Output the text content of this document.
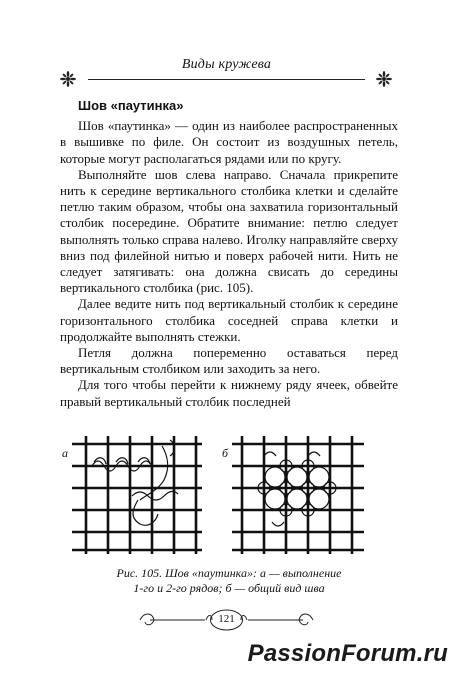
Виды кружева
Шов «паутинка»

Шов «паутинка» — один из наиболее распространенных в вышивке по филе. Он состоит из воздушных петель, которые могут располагаться рядами или по кругу.

Выполняйте шов слева направо. Сначала прикрепите нить к середине вертикального столбика клетки и сделайте петлю таким образом, чтобы она захватила горизонтальный столбик посередине. Обратите внимание: петлю следует выполнять только справа налево. Иголку направляйте сверху вниз под филейной нитью и поверх рабочей нити. Нить не следует затягивать: она должна свисать до середины вертикального столбика (рис. 105).

Далее ведите нить под вертикальный столбик к середине горизонтального столбика соседней справа клетки и продолжайте выполнять стежки.

Петля должна попеременно оставаться перед вертикальным столбиком или заходить за него.

Для того чтобы перейти к нижнему ряду ячеек, обвейте правый вертикальный столбик последней

а	б
Рис. 105. Шов «паутинка»: а — выполнение
1-го и 2-го рядов; б — общий вид шва
121
PassionForum.ru
